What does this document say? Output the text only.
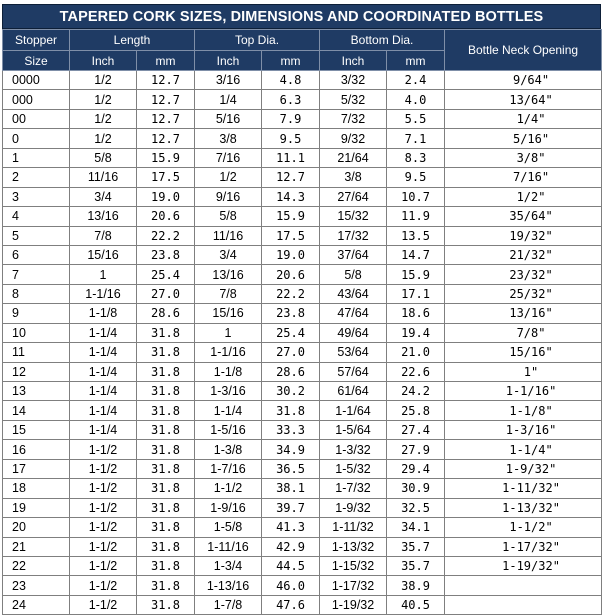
TAPERED CORK SIZES, DIMENSIONS AND COORDINATED BOTTLES
Stopper	Length		Top Dia.		Bottom Dia.		Bottle Neck Opening
Size	Inch	mm	Inch	mm	Inch	mm	
0000	1/2	12.7	3/16	4.8	3/32	2.4	9/64"
000	1/2	12.7	1/4	6.3	5/32	4.0	13/64"
00	1/2	12.7	5/16	7.9	7/32	5.5	1/4"
0	1/2	12.7	3/8	9.5	9/32	7.1	5/16"
1	5/8	15.9	7/16	11.1	21/64	8.3	3/8"
2	11/16	17.5	1/2	12.7	3/8	9.5	7/16"
3	3/4	19.0	9/16	14.3	27/64	10.7	1/2"
4	13/16	20.6	5/8	15.9	15/32	11.9	35/64"
5	7/8	22.2	11/16	17.5	17/32	13.5	19/32"
6	15/16	23.8	3/4	19.0	37/64	14.7	21/32"
7	1	25.4	13/16	20.6	5/8	15.9	23/32"
8	1-1/16	27.0	7/8	22.2	43/64	17.1	25/32"
9	1-1/8	28.6	15/16	23.8	47/64	18.6	13/16"
10	1-1/4	31.8	1	25.4	49/64	19.4	7/8"
11	1-1/4	31.8	1-1/16	27.0	53/64	21.0	15/16"
12	1-1/4	31.8	1-1/8	28.6	57/64	22.6	1"
13	1-1/4	31.8	1-3/16	30.2	61/64	24.2	1-1/16"
14	1-1/4	31.8	1-1/4	31.8	1-1/64	25.8	1-1/8"
15	1-1/4	31.8	1-5/16	33.3	1-5/64	27.4	1-3/16"
16	1-1/2	31.8	1-3/8	34.9	1-3/32	27.9	1-1/4"
17	1-1/2	31.8	1-7/16	36.5	1-5/32	29.4	1-9/32"
18	1-1/2	31.8	1-1/2	38.1	1-7/32	30.9	1-11/32"
19	1-1/2	31.8	1-9/16	39.7	1-9/32	32.5	1-13/32"
20	1-1/2	31.8	1-5/8	41.3	1-11/32	34.1	1-1/2"
21	1-1/2	31.8	1-11/16	42.9	1-13/32	35.7	1-17/32"
22	1-1/2	31.8	1-3/4	44.5	1-15/32	35.7	1-19/32"
23	1-1/2	31.8	1-13/16	46.0	1-17/32	38.9	
24	1-1/2	31.8	1-7/8	47.6	1-19/32	40.5	
